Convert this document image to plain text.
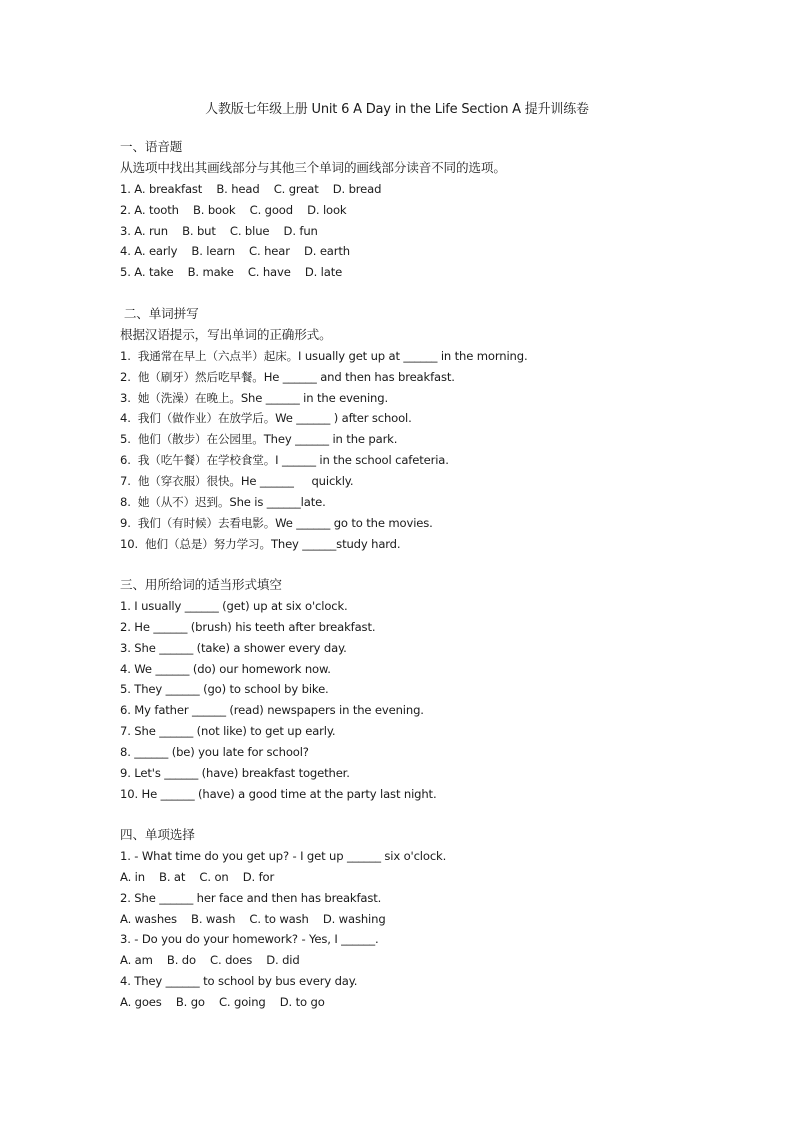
人教版七年级上册 Unit 6 A Day in the Life Section A 提升训练卷
一、语音题
从选项中找出其画线部分与其他三个单词的画线部分读音不同的选项。
1. A. breakfast    B. head    C. great    D. bread
2. A. tooth    B. book    C. good    D. look
3. A. run    B. but    C. blue    D. fun
4. A. early    B. learn    C. hear    D. earth
5. A. take    B. make    C. have    D. late
二、单词拼写
根据汉语提示，写出单词的正确形式。
1.  我通常在早上（六点半）起床。I usually get up at ______ in the morning.
2.  他（刷牙）然后吃早餐。He ______ and then has breakfast.
3.  她（洗澡）在晚上。She ______ in the evening.
4.  我们（做作业）在放学后。We ______ ) after school.
5.  他们（散步）在公园里。They ______ in the park.
6.  我（吃午餐）在学校食堂。I ______ in the school cafeteria.
7.  他（穿衣服）很快。He ______     quickly.
8.  她（从不）迟到。She is ______late.
9.  我们（有时候）去看电影。We ______ go to the movies.
10.  他们（总是）努力学习。They ______study hard.
三、用所给词的适当形式填空
1. I usually ______ (get) up at six o'clock.
2. He ______ (brush) his teeth after breakfast.
3. She ______ (take) a shower every day.
4. We ______ (do) our homework now.
5. They ______ (go) to school by bike.
6. My father ______ (read) newspapers in the evening.
7. She ______ (not like) to get up early.
8. ______ (be) you late for school?
9. Let's ______ (have) breakfast together.
10. He ______ (have) a good time at the party last night.
四、单项选择
1. - What time do you get up? - I get up ______ six o'clock.
A. in    B. at    C. on    D. for
2. She ______ her face and then has breakfast.
A. washes    B. wash    C. to wash    D. washing
3. - Do you do your homework? - Yes, I ______.
A. am    B. do    C. does    D. did
4. They ______ to school by bus every day.
A. goes    B. go    C. going    D. to go
